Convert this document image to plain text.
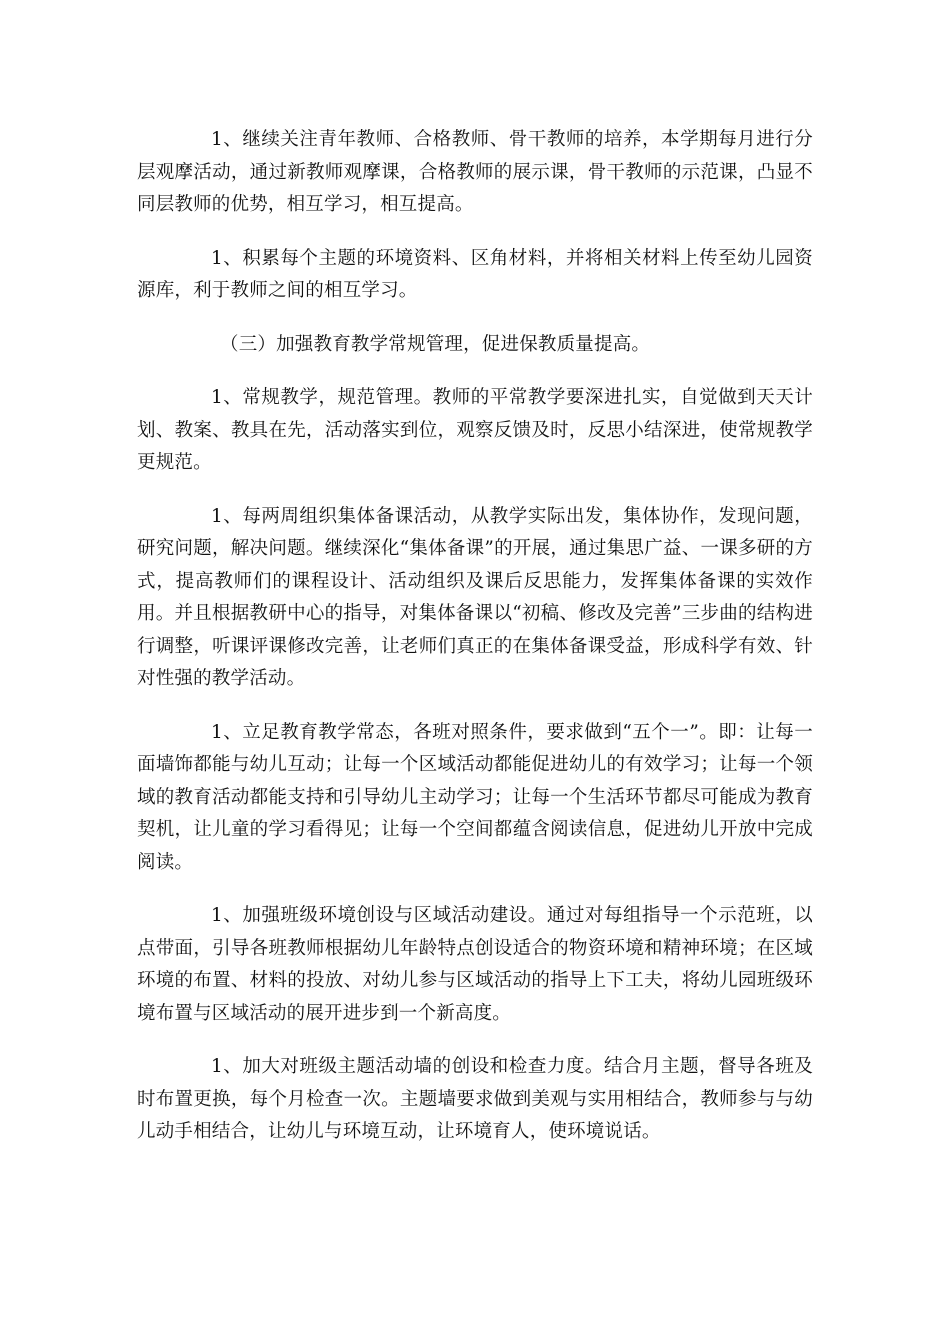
1、继续关注青年教师、合格教师、骨干教师的培养，本学期每月进行分层观摩活动，通过新教师观摩课，合格教师的展示课，骨干教师的示范课，凸显不同层教师的优势，相互学习，相互提高。

1、积累每个主题的环境资料、区角材料，并将相关材料上传至幼儿园资源库，利于教师之间的相互学习。

（三）加强教育教学常规管理，促进保教质量提高。

1、常规教学，规范管理。教师的平常教学要深进扎实，自觉做到天天计划、教案、教具在先，活动落实到位，观察反馈及时，反思小结深进，使常规教学更规范。

1、每两周组织集体备课活动，从教学实际出发，集体协作，发现问题，研究问题，解决问题。继续深化“集体备课”的开展，通过集思广益、一课多研的方式，提高教师们的课程设计、活动组织及课后反思能力，发挥集体备课的实效作用。并且根据教研中心的指导，对集体备课以“初稿、修改及完善”三步曲的结构进行调整，听课评课修改完善，让老师们真正的在集体备课受益，形成科学有效、针对性强的教学活动。

1、立足教育教学常态，各班对照条件，要求做到“五个一”。即：让每一面墙饰都能与幼儿互动；让每一个区域活动都能促进幼儿的有效学习；让每一个领域的教育活动都能支持和引导幼儿主动学习；让每一个生活环节都尽可能成为教育契机，让儿童的学习看得见；让每一个空间都蕴含阅读信息，促进幼儿开放中完成阅读。

1、加强班级环境创设与区域活动建设。通过对每组指导一个示范班，以点带面，引导各班教师根据幼儿年龄特点创设适合的物资环境和精神环境；在区域环境的布置、材料的投放、对幼儿参与区域活动的指导上下工夫，将幼儿园班级环境布置与区域活动的展开进步到一个新高度。

1、加大对班级主题活动墙的创设和检查力度。结合月主题，督导各班及时布置更换，每个月检查一次。主题墙要求做到美观与实用相结合，教师参与与幼儿动手相结合，让幼儿与环境互动，让环境育人，使环境说话。
